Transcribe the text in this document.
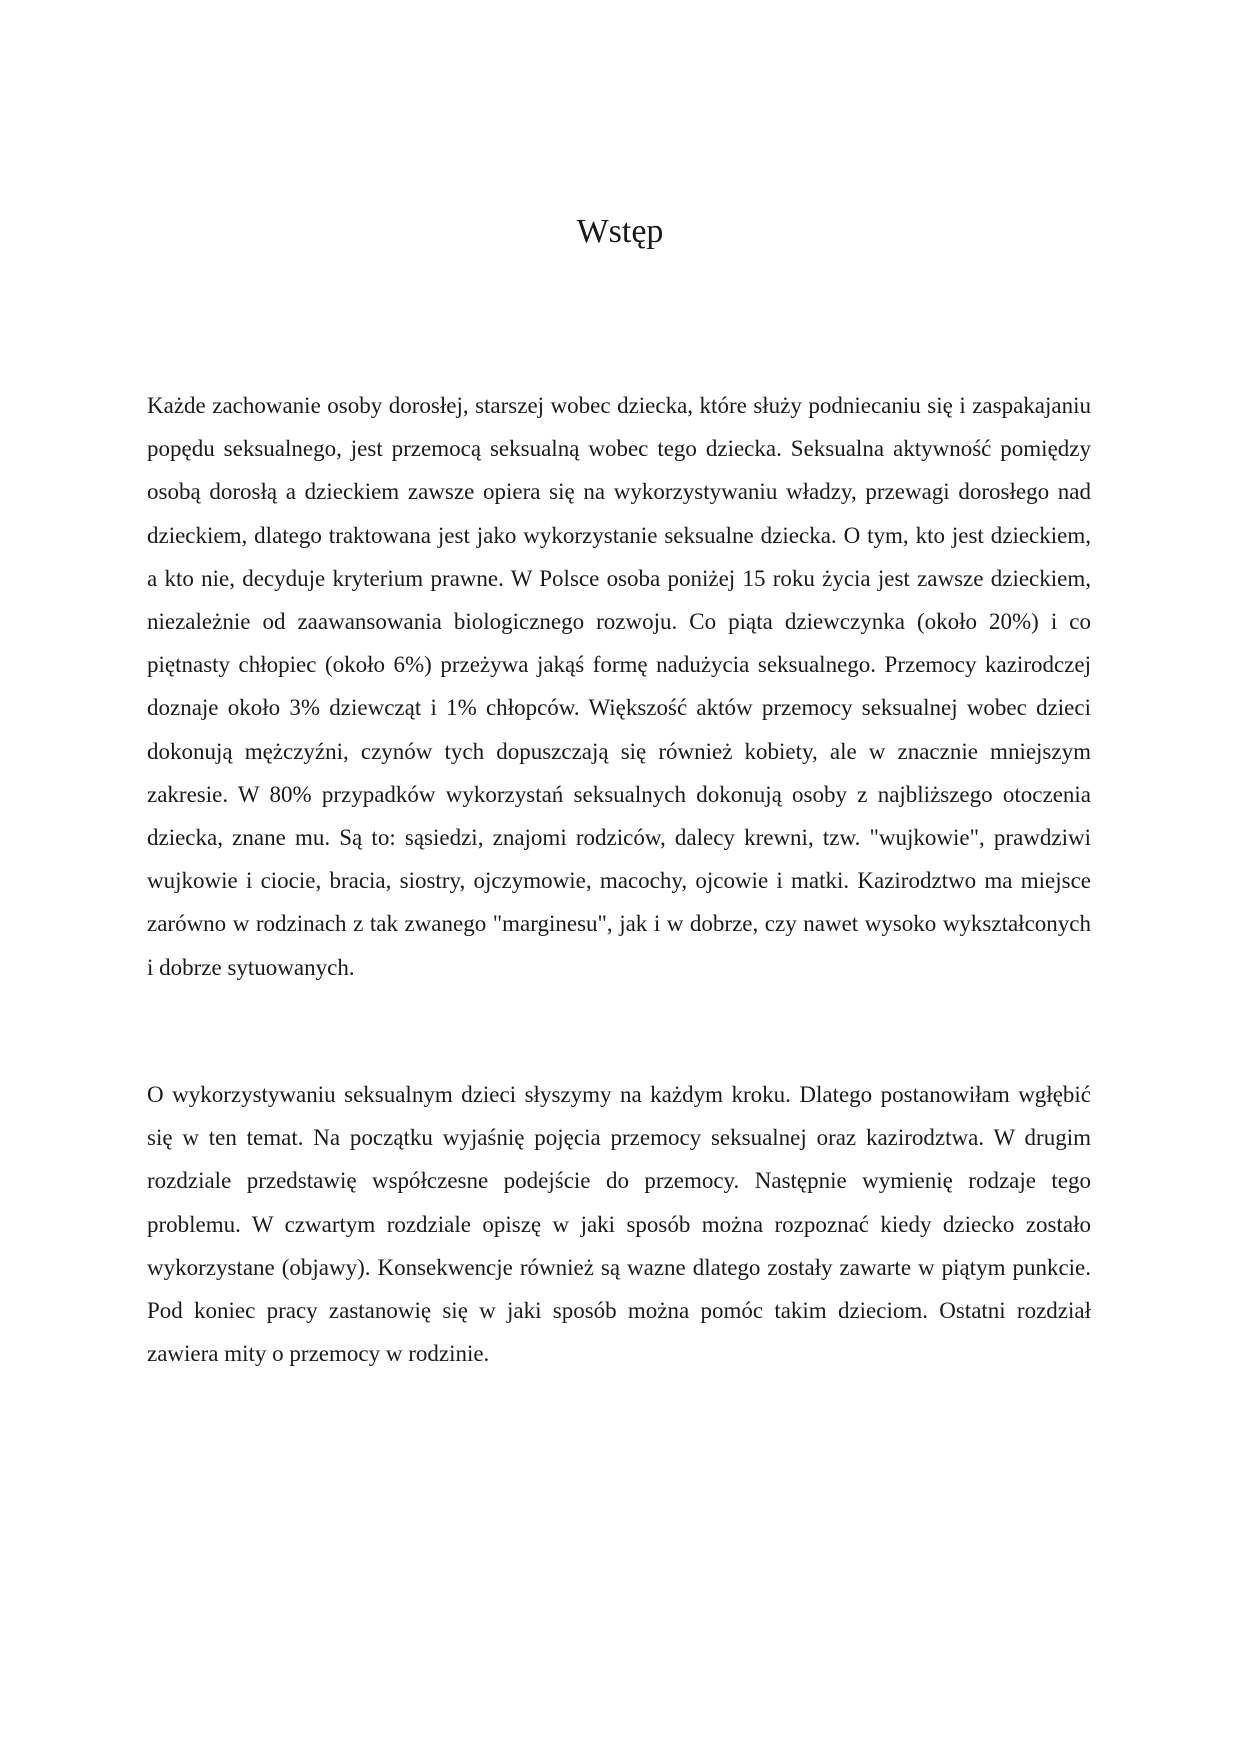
Wstęp

Każde zachowanie osoby dorosłej, starszej wobec dziecka, które służy podniecaniu się i zaspakajaniu popędu seksualnego, jest przemocą seksualną wobec tego dziecka. Seksualna aktywność pomiędzy osobą dorosłą a dzieckiem zawsze opiera się na wykorzystywaniu władzy, przewagi dorosłego nad dzieckiem, dlatego traktowana jest jako wykorzystanie seksualne dziecka. O tym, kto jest dzieckiem, a kto nie, decyduje kryterium prawne. W Polsce osoba poniżej 15 roku życia jest zawsze dzieckiem, niezależnie od zaawansowania biologicznego rozwoju. Co piąta dziewczynka (około 20%) i co piętnasty chłopiec (około 6%) przeżywa jakąś formę nadużycia seksualnego. Przemocy kazirodczej doznaje około 3% dziewcząt i 1% chłopców. Większość aktów przemocy seksualnej wobec dzieci dokonują mężczyźni, czynów tych dopuszczają się również kobiety, ale w znacznie mniejszym zakresie. W 80% przypadków wykorzystań seksualnych dokonują osoby z najbliższego otoczenia dziecka, znane mu. Są to: sąsiedzi, znajomi rodziców, dalecy krewni, tzw. "wujkowie", prawdziwi wujkowie i ciocie, bracia, siostry, ojczymowie, macochy, ojcowie i matki. Kazirodztwo ma miejsce zarówno w rodzinach z tak zwanego "marginesu", jak i w dobrze, czy nawet wysoko wykształconych i dobrze sytuowanych.

O wykorzystywaniu seksualnym dzieci słyszymy na każdym kroku. Dlatego postanowiłam wgłębić się w ten temat. Na początku wyjaśnię pojęcia przemocy seksualnej oraz kazirodztwa. W drugim rozdziale przedstawię współczesne podejście do przemocy. Następnie wymienię rodzaje tego problemu. W czwartym rozdziale opiszę w jaki sposób można rozpoznać kiedy dziecko zostało wykorzystane (objawy). Konsekwencje również są wazne dlatego zostały zawarte w piątym punkcie. Pod koniec pracy zastanowię się w jaki sposób można pomóc takim dzieciom. Ostatni rozdział zawiera mity o przemocy w rodzinie.
